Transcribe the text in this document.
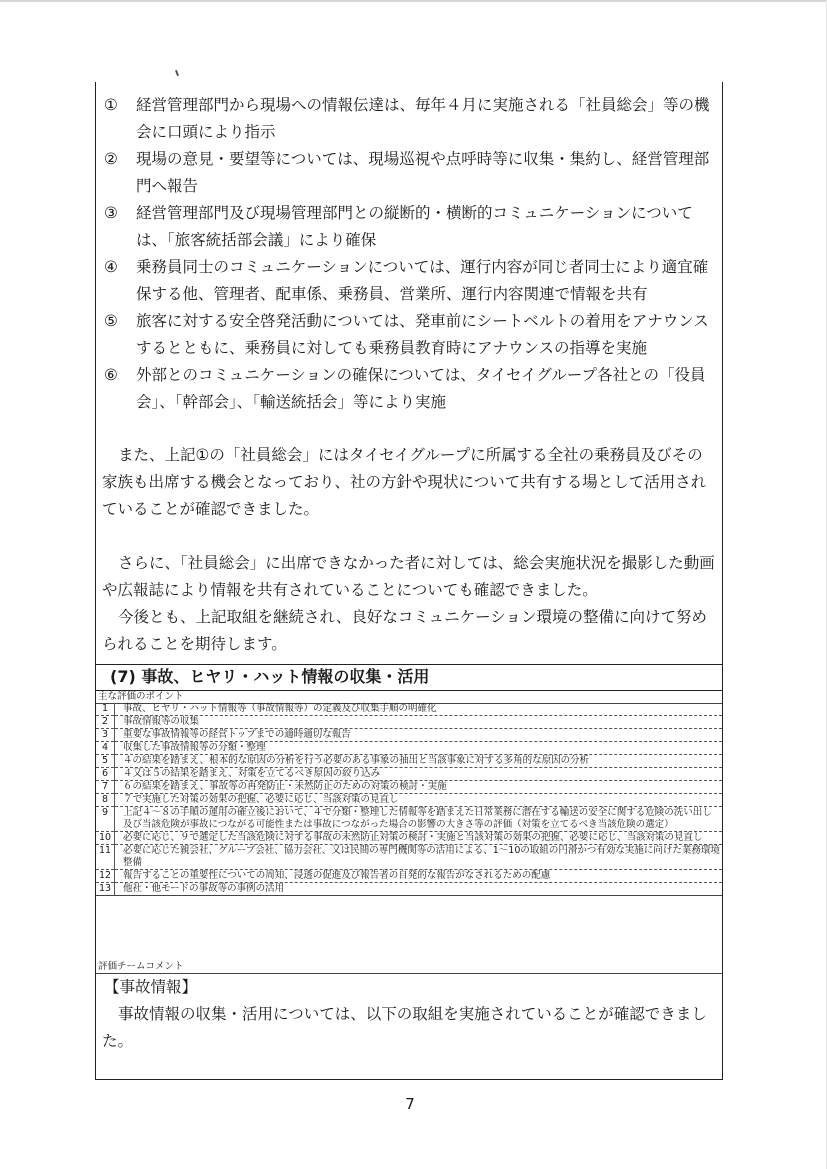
①	経営管理部門から現場への情報伝達は、毎年４月に実施される「社員総会」等の機会に口頭により指示
②	現場の意見・要望等については、現場巡視や点呼時等に収集・集約し、経営管理部門へ報告
③	経営管理部門及び現場管理部門との縦断的・横断的コミュニケーションについては、「旅客統括部会議」により確保
④	乗務員同士のコミュニケーションについては、運行内容が同じ者同士により適宜確保する他、管理者、配車係、乗務員、営業所、運行内容関連で情報を共有
⑤	旅客に対する安全啓発活動については、発車前にシートベルトの着用をアナウンスするとともに、乗務員に対しても乗務員教育時にアナウンスの指導を実施
⑥	外部とのコミュニケーションの確保については、タイセイグループ各社との「役員会」、「幹部会」、「輸送統括会」等により実施
また、上記①の「社員総会」にはタイセイグループに所属する全社の乗務員及びその家族も出席する機会となっており、社の方針や現状について共有する場として活用されていることが確認できました。
さらに、「社員総会」に出席できなかった者に対しては、総会実施状況を撮影した動画や広報誌により情報を共有されていることについても確認できました。
今後とも、上記取組を継続され、良好なコミュニケーション環境の整備に向けて努められることを期待します。
(7) 事故、ヒヤリ・ハット情報の収集・活用
主な評価のポイント
1	事故、ヒヤリ・ハット情報等（事故情報等）の定義及び収集手順の明確化
2	事故情報等の収集
3	重要な事故情報等の経営トップまでの適時適切な報告
4	収集した事故情報等の分類・整理
5	４の結果を踏まえ、根本的な原因の分析を行う必要のある事象の抽出と当該事象に対する多角的な原因の分析
6	４又は５の結果を踏まえ、対策を立てるべき原因の絞り込み
7	６の結果を踏まえ、事故等の再発防止・未然防止のための対策の検討・実施
8	７で実施した対策の効果の把握、必要に応じ、当該対策の見直し
9	上記４〜８の手順の運用の確立後において、４で分類・整理した情報等を踏まえた日常業務に潜在する輸送の安全に関する危険の洗い出し及び当該危険が事故につながる可能性または事故につながった場合の影響の大きさ等の評価（対策を立てるべき当該危険の選定）
10	必要に応じ、９で選定した当該危険に対する事故の未然防止対策の検討・実施と当該対策の効果の把握、必要に応じ、当該対策の見直し
11	必要に応じた親会社、グループ会社、協力会社、又は民間の専門機関等の活用による、1〜10の取組の円滑かつ有効な実施に向けた業務環境整備
12	報告することの重要性についての周知、浸透の促進及び報告者の自発的な報告がなされるための配慮
13	他社・他モードの事故等の事例の活用
評価チームコメント
【事故情報】
事故情報の収集・活用については、以下の取組を実施されていることが確認できました。
7
